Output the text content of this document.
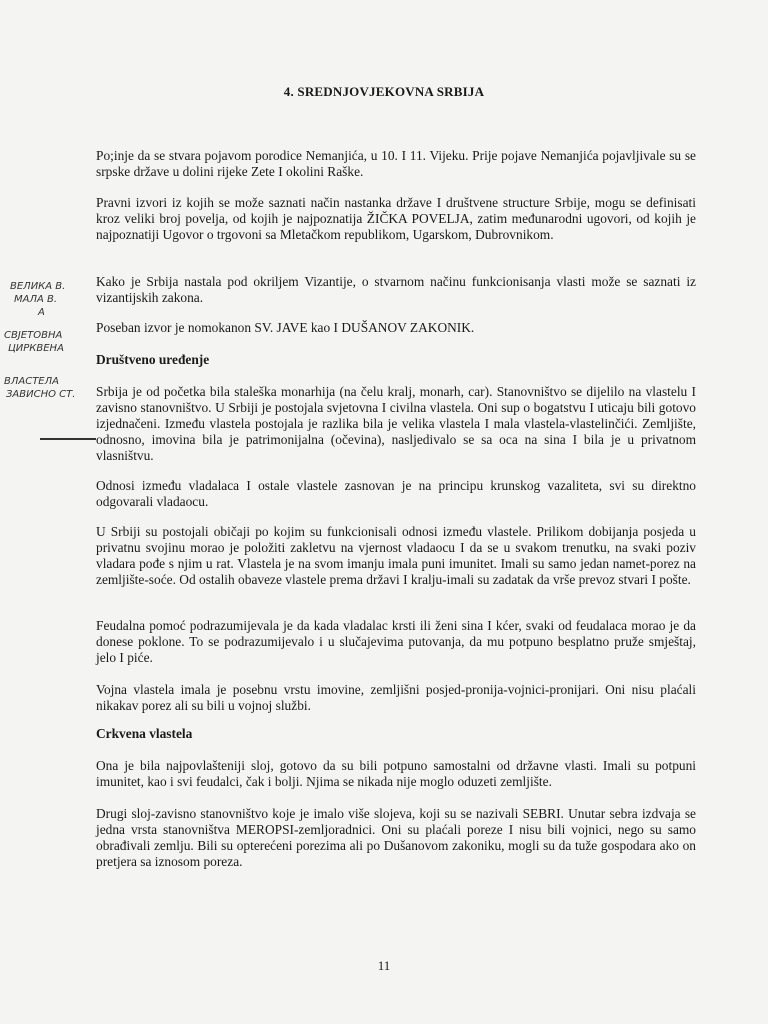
4. SREDNJOVJEKOVNA SRBIJA

Po;inje da se stvara pojavom porodice Nemanjića, u 10. I 11. Vijeku. Prije pojave Nemanjića pojavljivale su se srpske države u dolini rijeke Zete I okolini Raške.

Pravni izvori iz kojih se može saznati način nastanka države I društvene structure Srbije, mogu se definisati kroz veliki broj povelja, od kojih je najpoznatija ŽIČKA POVELJA, zatim međunarodni ugovori, od kojih je najpoznatiji Ugovor o trgovoni sa Mletačkom republikom, Ugarskom, Dubrovnikom.

Kako je Srbija nastala pod okriljem Vizantije, o stvarnom načinu funkcionisanja vlasti može se saznati iz vizantijskih zakona.

Poseban izvor je nomokanon SV. JAVE kao I DUŠANOV ZAKONIK.

Društveno uređenje

Srbija je od početka bila staleška monarhija (na čelu kralj, monarh, car). Stanovništvo se dijelilo na vlastelu I zavisno stanovništvo. U Srbiji je postojala svjetovna I civilna vlastela. Oni sup o bogatstvu I uticaju bili gotovo izjednačeni. Između vlastela postojala je razlika bila je velika vlastela I mala vlastela-vlastelinčići. Zemljište, odnosno, imovina bila je patrimonijalna (očevina), nasljedivalo se sa oca na sina I bila je u privatnom vlasništvu.

Odnosi između vladalaca I ostale vlastele zasnovan je na principu krunskog vazaliteta, svi su direktno odgovarali vladaocu.

U Srbiji su postojali običaji po kojim su funkcionisali odnosi između vlastele. Prilikom dobijanja posjeda u privatnu svojinu morao je položiti zakletvu na vjernost vladaocu I da se u svakom trenutku, na svaki poziv vladara pođe s njim u rat. Vlastela je na svom imanju imala puni imunitet. Imali su samo jedan namet-porez na zemljište-soće. Od ostalih obaveze vlastele prema državi I kralju-imali su zadatak da vrše prevoz stvari I pošte.

Feudalna pomoć podrazumijevala je da kada vladalac krsti ili ženi sina I kćer, svaki od feudalaca morao je da donese poklone. To se podrazumijevalo i u slučajevima putovanja, da mu potpuno besplatno pruže smještaj, jelo I piće.

Vojna vlastela imala je posebnu vrstu imovine, zemljišni posjed-pronija-vojnici-pronijari. Oni nisu plaćali nikakav porez ali su bili u vojnoj službi.

Crkvena vlastela

Ona je bila najpovlašteniji sloj, gotovo da su bili potpuno samostalni od državne vlasti. Imali su potpuni imunitet, kao i svi feudalci, čak i bolji. Njima se nikada nije moglo oduzeti zemljište.

Drugi sloj-zavisno stanovništvo koje je imalo više slojeva, koji su se nazivali SEBRI. Unutar sebra izdvaja se jedna vrsta stanovništva MEROPSI-zemljoradnici. Oni su plaćali poreze I nisu bili vojnici, nego su samo obrađivali zemlju. Bili su opterećeni porezima ali po Dušanovom zakoniku, mogli su da tuže gospodara ako on pretjera sa iznosom poreza.

11
ВЕЛИКА В.
МАЛА В.
А
СВЈЕТОВНА
ЦИРКВЕНА
ВЛАСТЕЛА
ЗАВИСНО СТ.
